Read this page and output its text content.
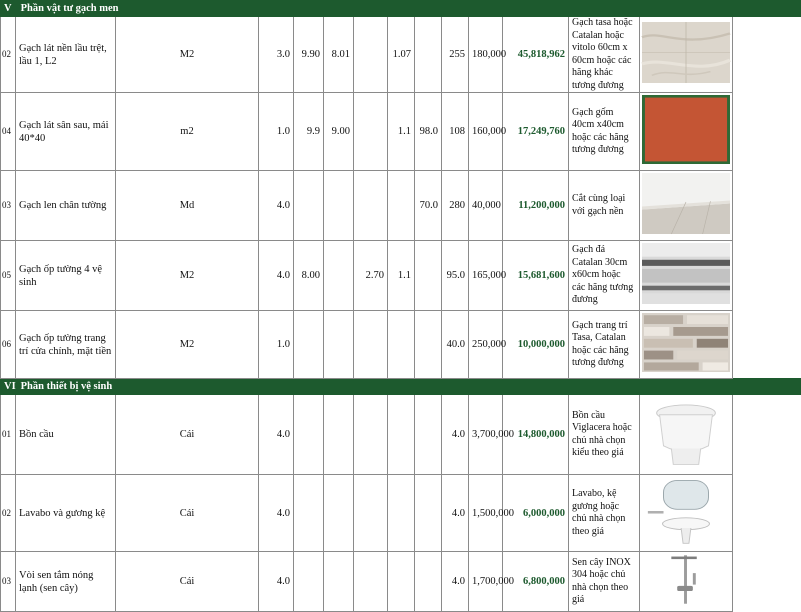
V Phần vật tư gạch men													
02	Gạch lát nền lầu trệt, lầu 1, L2	M2	3.0	9.90	8.01		1.07		255	180,000	45,818,962	Gạch tasa hoặc Catalan hoặc vitolo 60cm x 60cm hoặc các hãng khác tương đương	
04	Gạch lát sân sau, mái 40*40	m2	1.0	9.9	9.00		1.1	98.0	108	160,000	17,249,760	Gạch gốm 40cm x40cm hoặc các hãng tương đương	
03	Gạch len chân tường	Md	4.0					70.0	280	40,000	11,200,000	Cắt cùng loại với gạch nền	
05	Gạch ốp tường 4 vệ sinh	M2	4.0	8.00		2.70	1.1		95.0	165,000	15,681,600	Gạch đá Catalan 30cm x60cm hoặc các hãng tương đương	
06	Gạch ốp tường trang trí cửa chính, mặt tiền	M2	1.0						40.0	250,000	10,000,000	Gạch trang trí Tasa, Catalan hoặc các hãng tương đương	
VI Phần thiết bị vệ sinh													
01	Bồn cầu	Cái	4.0						4.0	3,700,000	14,800,000	Bồn cầu Viglacera hoặc chủ nhà chọn kiểu theo giá	
02	Lavabo và gương kệ	Cái	4.0						4.0	1,500,000	6,000,000	Lavabo, kệ gương hoặc chủ nhà chọn theo giá	
03	Vòi sen tắm nóng lạnh (sen cây)	Cái	4.0						4.0	1,700,000	6,800,000	Sen cây INOX 304 hoặc chủ nhà chọn theo giá	
